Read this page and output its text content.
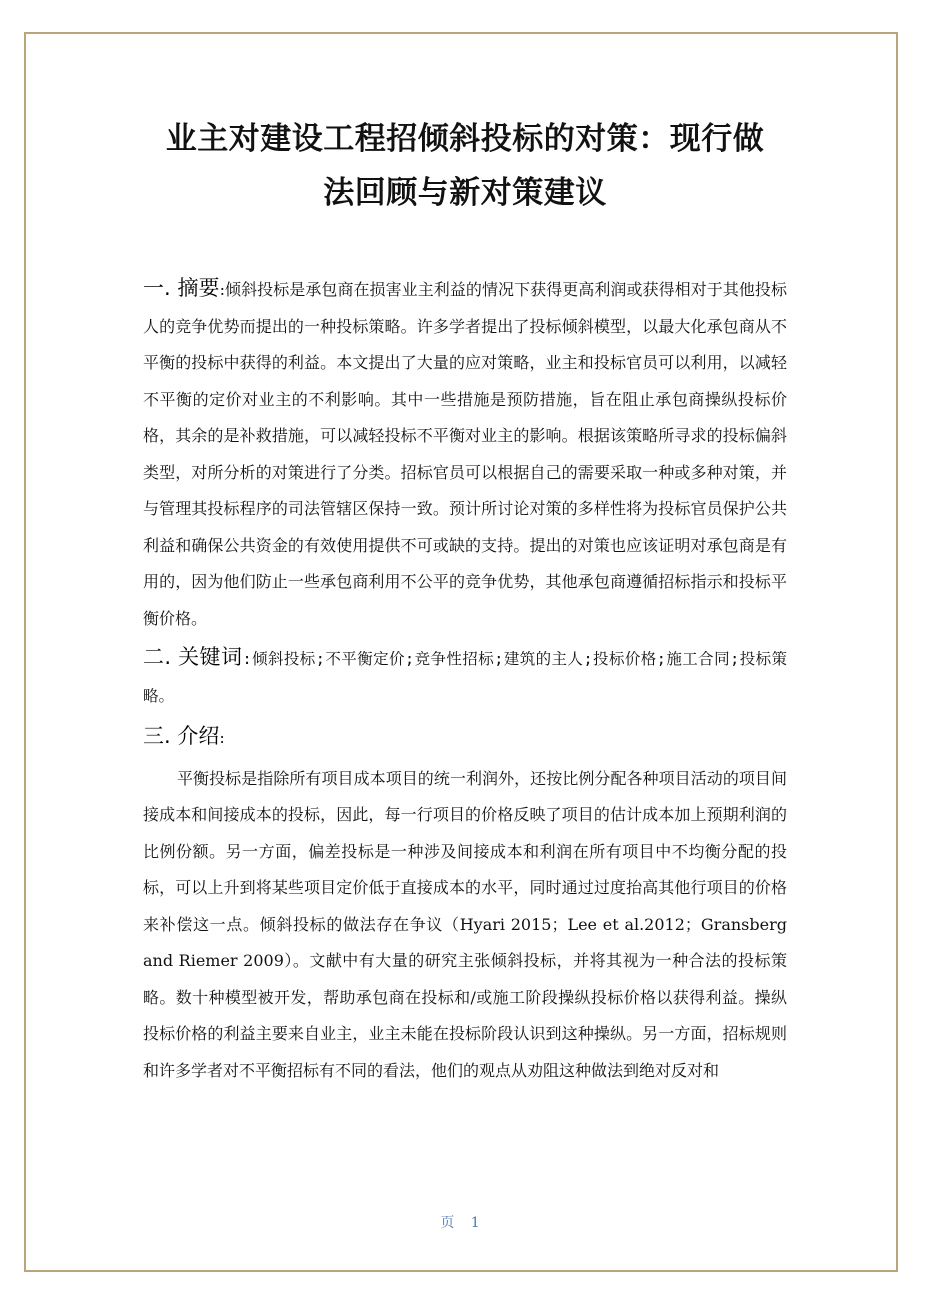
业主对建设工程招倾斜投标的对策：现行做
法回顾与新对策建议

一. 摘要:倾斜投标是承包商在损害业主利益的情况下获得更高利润或获得相对于其他投标人的竞争优势而提出的一种投标策略。许多学者提出了投标倾斜模型，以最大化承包商从不平衡的投标中获得的利益。本文提出了大量的应对策略，业主和投标官员可以利用，以减轻不平衡的定价对业主的不利影响。其中一些措施是预防措施，旨在阻止承包商操纵投标价格，其余的是补救措施，可以减轻投标不平衡对业主的影响。根据该策略所寻求的投标偏斜类型，对所分析的对策进行了分类。招标官员可以根据自己的需要采取一种或多种对策，并与管理其投标程序的司法管辖区保持一致。预计所讨论对策的多样性将为投标官员保护公共利益和确保公共资金的有效使用提供不可或缺的支持。提出的对策也应该证明对承包商是有用的，因为他们防止一些承包商利用不公平的竞争优势，其他承包商遵循招标指示和投标平衡价格。

二. 关键词:倾斜投标;不平衡定价;竞争性招标;建筑的主人;投标价格;施工合同;投标策略。

三. 介绍:

平衡投标是指除所有项目成本项目的统一利润外，还按比例分配各种项目活动的项目间接成本和间接成本的投标，因此，每一行项目的价格反映了项目的估计成本加上预期利润的比例份额。另一方面，偏差投标是一种涉及间接成本和利润在所有项目中不均衡分配的投标，可以上升到将某些项目定价低于直接成本的水平，同时通过过度抬高其他行项目的价格来补偿这一点。倾斜投标的做法存在争议（Hyari 2015；Lee et al.2012；Gransberg and Riemer 2009）。文献中有大量的研究主张倾斜投标，并将其视为一种合法的投标策略。数十种模型被开发，帮助承包商在投标和/或施工阶段操纵投标价格以获得利益。操纵投标价格的利益主要来自业主，业主未能在投标阶段认识到这种操纵。另一方面，招标规则和许多学者对不平衡招标有不同的看法，他们的观点从劝阻这种做法到绝对反对和

页 1
